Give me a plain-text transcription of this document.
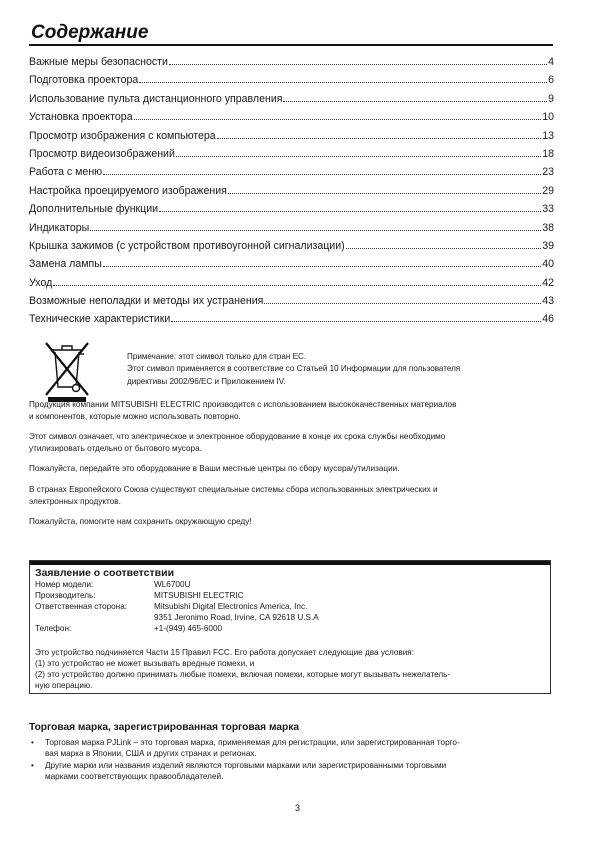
Содержание
Важные меры безопасности	4
Подготовка проектора	6
Использование пульта дистанционного управления	9
Установка проектора	10
Просмотр изображения с компьютера	13
Просмотр видеоизображений	18
Работа с меню	23
Настройка проецируемого изображения	29
Дополнительные функции	33
Индикаторы	38
Крышка зажимов (с устройством противоугонной сигнализации)	39
Замена лампы	40
Уход	42
Возможные неполадки и методы их устранения	43
Технические характеристики	46
Примечание: этот символ только для стран ЕС.
Этот символ применяется в соответствие со Статьей 10 Информации для пользователя
директивы 2002/96/ЕС и Приложением IV.
Продукция компании MITSUBISHI ELECTRIC производится с использованием высококачественных материалов
и компонентов, которые можно использовать повторно.
Этот символ означает, что электрическое и электронное оборудование в конце их срока службы необходимо
утилизировать отдельно от бытового мусора.
Пожалуйста, передайте это оборудование в Ваши местные центры по сбору мусора/утилизации.
В странах Европейского Союза существуют специальные системы сбора использованных электрических и
электронных продуктов.
Пожалуйста, помогите нам сохранить окружающую среду!
Заявление о соответствии
Номер модели:	WL6700U
Производитель:	MITSUBISHI ELECTRIC
Ответственная сторона:	Mitsubishi Digital Electronics America, Inc.
9351 Jeronimo Road, Irvine, CA 92618 U.S.A
Телефон:	+1-(949) 465-6000
Это устройство подчиняется Части 15 Правил FCC. Его работа допускает следующие два условия:
(1) это устройство не может вызывать вредные помехи, и
(2) это устройство должно принимать любые помехи, включая помехи, которые могут вызывать нежелатель-
ную операцию.
Торговая марка, зарегистрированная торговая марка
• Торговая марка PJLink – это торговая марка, применяемая для регистрации, или зарегистрированная торго-
вая марка в Японии, США и других странах и регионах.
• Другие марки или названия изделий являются торговыми марками или зарегистрированными торговыми
марками соответствующих правообладателей.
3
